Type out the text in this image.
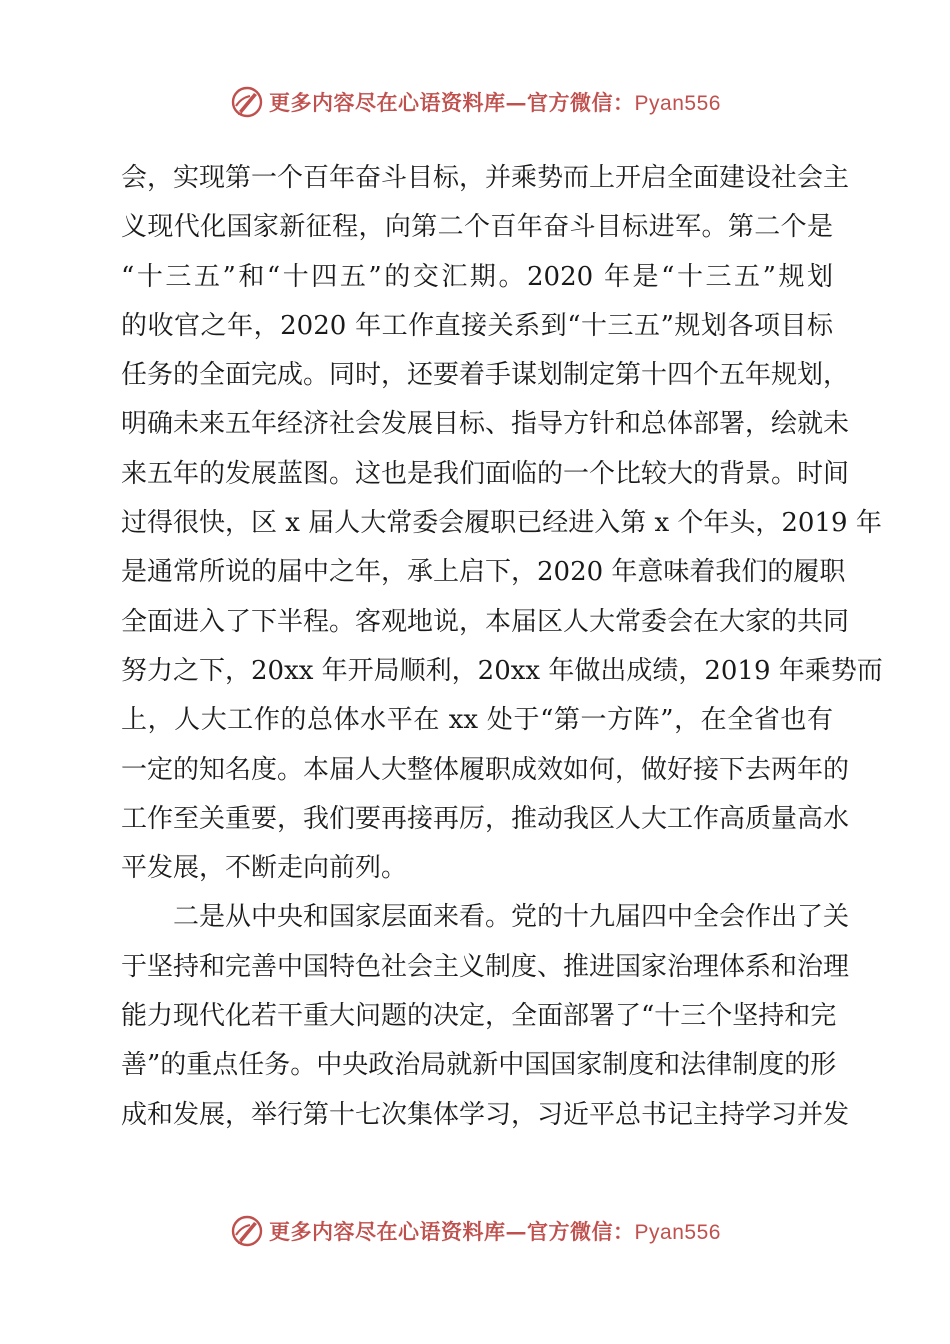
更多内容尽在心语资料库—官方微信：Pyan556
会，实现第一个百年奋斗目标，并乘势而上开启全面建设社会主
义现代化国家新征程，向第二个百年奋斗目标进军。第二个是
“十三五”和“十四五”的交汇期。2020 年是“十三五”规划
的收官之年，2020 年工作直接关系到“十三五”规划各项目标
任务的全面完成。同时，还要着手谋划制定第十四个五年规划，
明确未来五年经济社会发展目标、指导方针和总体部署，绘就未
来五年的发展蓝图。这也是我们面临的一个比较大的背景。时间
过得很快，区 x 届人大常委会履职已经进入第 x 个年头，2019 年
是通常所说的届中之年，承上启下，2020 年意味着我们的履职
全面进入了下半程。客观地说，本届区人大常委会在大家的共同
努力之下，20xx 年开局顺利，20xx 年做出成绩，2019 年乘势而
上，人大工作的总体水平在 xx 处于“第一方阵”，在全省也有
一定的知名度。本届人大整体履职成效如何，做好接下去两年的
工作至关重要，我们要再接再厉，推动我区人大工作高质量高水
平发展，不断走向前列。
二是从中央和国家层面来看。党的十九届四中全会作出了关
于坚持和完善中国特色社会主义制度、推进国家治理体系和治理
能力现代化若干重大问题的决定，全面部署了“十三个坚持和完
善”的重点任务。中央政治局就新中国国家制度和法律制度的形
成和发展，举行第十七次集体学习，习近平总书记主持学习并发
更多内容尽在心语资料库—官方微信：Pyan556
